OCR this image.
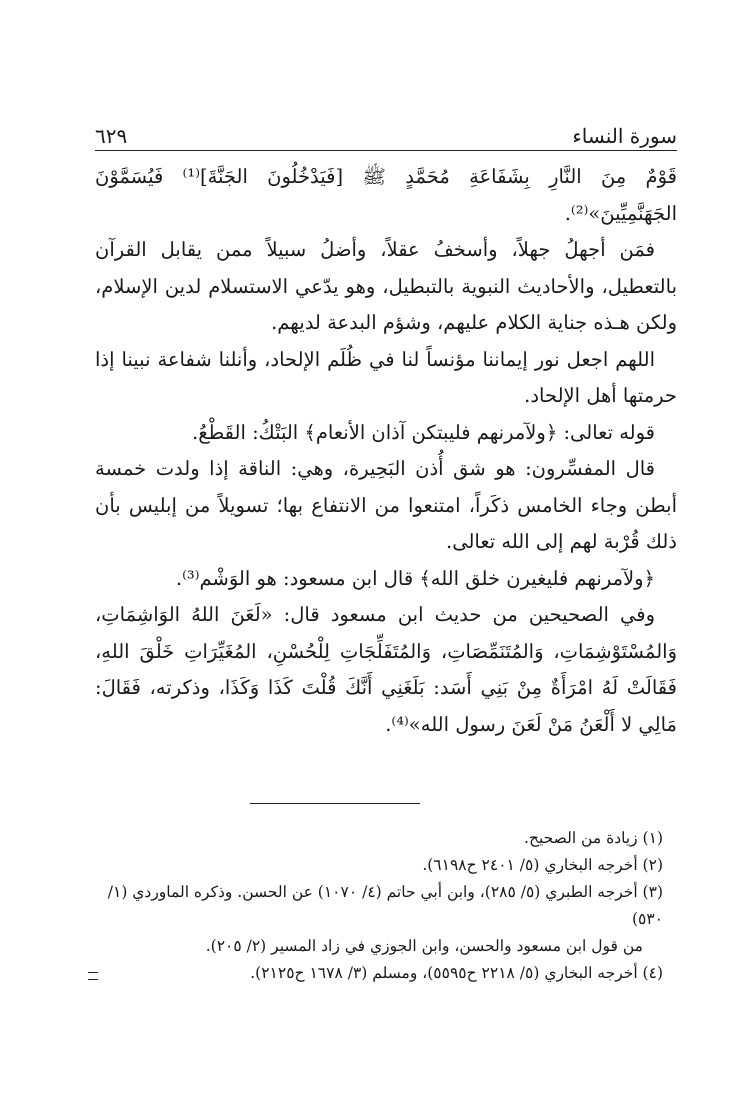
سورة النساء
٦٢٩

قَوْمٌ مِنَ النَّارِ بِشَفَاعَةِ مُحَمَّدٍ ﷺ [فَيَدْخُلُونَ الجَنَّةَ]⁽¹⁾ فَيُسَمَّوْنَ الجَهَنَّمِيِّينَ»⁽²⁾.

فمَن أجهلُ جهلاً، وأسخفُ عقلاً، وأضلُ سبيلاً ممن يقابل القرآن بالتعطيل، والأحاديث النبوية بالتبطيل، وهو يدّعي الاستسلام لدين الإسلام، ولكن هـذه جناية الكلام عليهم، وشؤم البدعة لديهم.

اللهم اجعل نور إيماننا مؤنساً لنا في ظُلَم الإلحاد، وأنلنا شفاعة نبينا إذا حرمتها أهل الإلحاد.

قوله تعالى: ﴿ولآمرنهم فليبتكن آذان الأنعام﴾ البَتْكُ: القَطْعُ.

قال المفسِّرون: هو شق أُذن البَحِيرة، وهي: الناقة إذا ولدت خمسة أبطن وجاء الخامس ذكَراً، امتنعوا من الانتفاع بها؛ تسويلاً من إبليس بأن ذلك قُرْبة لهم إلى الله تعالى.

﴿ولآمرنهم فليغيرن خلق الله﴾ قال ابن مسعود: هو الوَشْم⁽³⁾.

وفي الصحيحين من حديث ابن مسعود قال: «لَعَنَ اللهُ الوَاشِمَاتِ، وَالمُسْتَوْشِمَاتِ، وَالمُتَنَمِّصَاتِ، وَالمُتَفَلِّجَاتِ لِلْحُسْنِ، المُغَيِّرَاتِ خَلْقَ اللهِ، فَقَالَتْ لَهُ امْرَأَةٌ مِنْ بَنِي أَسَد: بَلَغَنِي أَنَّكَ قُلْتَ كَذَا وَكَذَا، وذكرته، فَقَالَ: مَالِي لا أَلْعَنُ مَنْ لَعَنَ رسول الله»⁽⁴⁾.

(١) زيادة من الصحيح.

(٢) أخرجه البخاري (٥/ ٢٤٠١ ح٦١٩٨).

(٣) أخرجه الطبري (٥/ ٢٨٥)، وابن أبي حاتم (٤/ ١٠٧٠) عن الحسن. وذكره الماوردي (١/ ٥٣٠)

من قول ابن مسعود والحسن، وابن الجوزي في زاد المسير (٢/ ٢٠٥).

(٤) أخرجه البخاري (٥/ ٢٢١٨ ح٥٥٩٥)، ومسلم (٣/ ١٦٧٨ ح٢١٢٥).
